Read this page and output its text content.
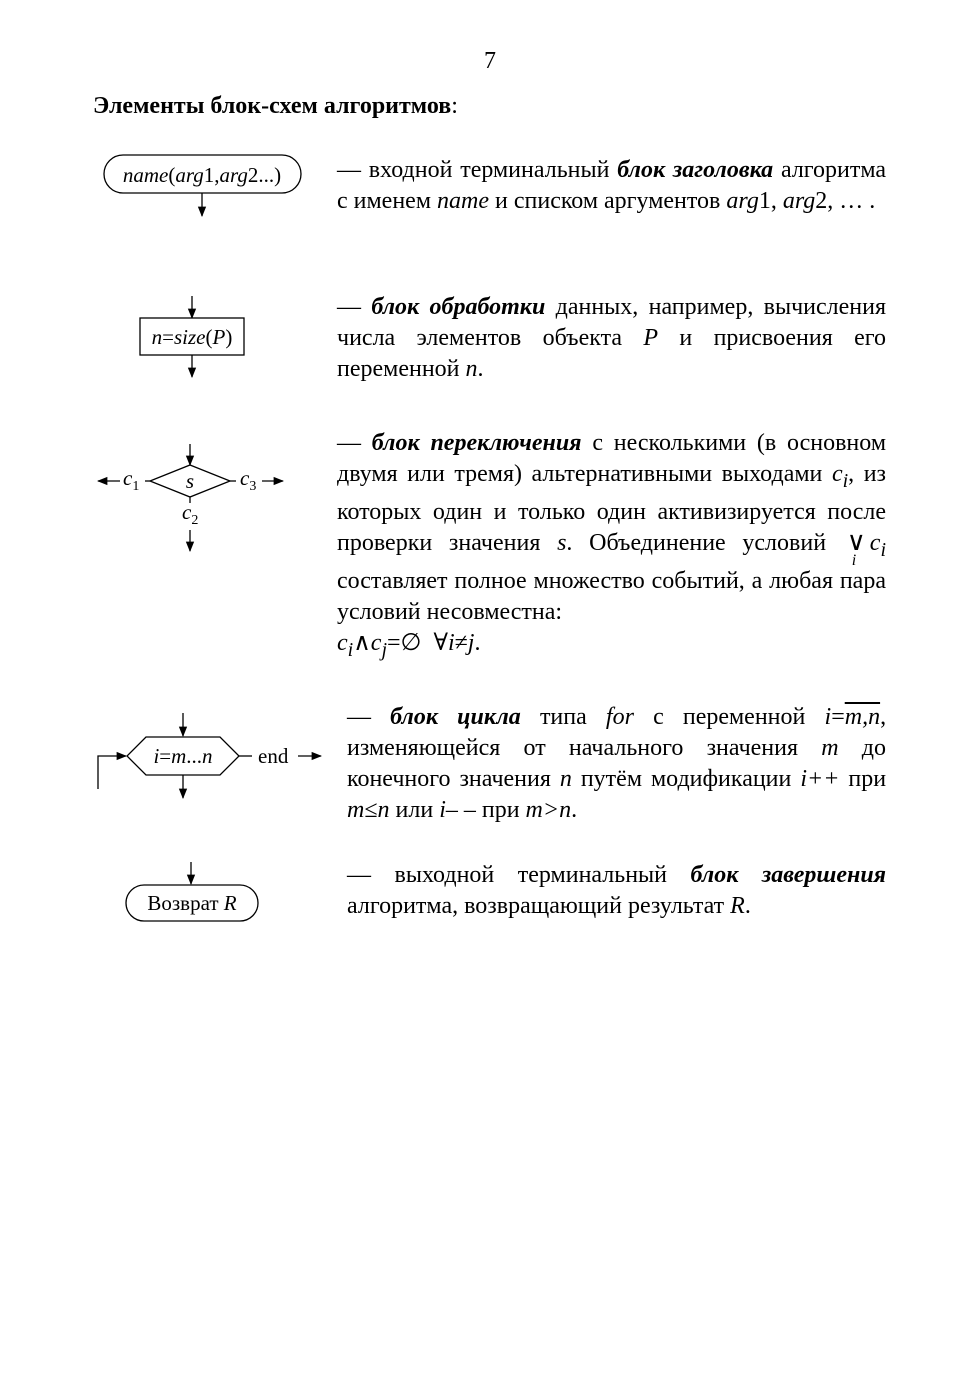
7
Элементы блок-схем алгоритмов:
name(arg1,arg2...)
n=size(P)
s
$c_1$	$c_3$
$c_2$
i=m...n end
Возврат R
— входной терминальный блок заголовка алгоритма с именем name и списком аргументов arg1, arg2, … .
— блок обработки данных, например, вычисления числа элементов объекта P и присвоения его переменной n.
— блок переключения с несколькими (в основном двумя или тремя) альтернативными выходами $c_i$, из которых один и только один активизируется после проверки значения s. Объединение условий ∨
i
$c_i$ составляет полное множество событий, а любая пара условий несовместна:
$c_i\wedge c_j=\emptyset$ ∀i≠j.
— блок цикла типа for с переменной i=m,n, изменяющейся от начального значения m до конечного значения n путём модификации i++ при m≤n или i– – при m>n.
— выходной терминальный блок завершения алгоритма, возвращающий результат R.
